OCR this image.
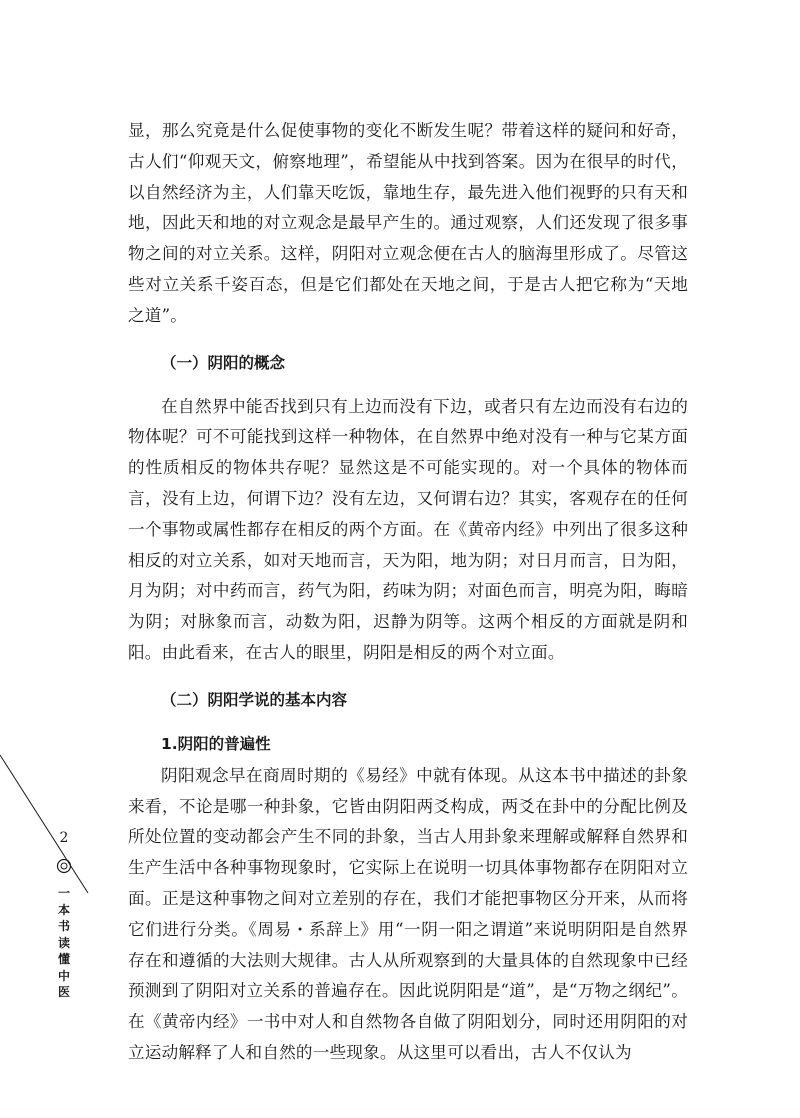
显，那么究竟是什么促使事物的变化不断发生呢？带着这样的疑问和好奇，古人们“仰观天文，俯察地理”，希望能从中找到答案。因为在很早的时代，以自然经济为主，人们靠天吃饭，靠地生存，最先进入他们视野的只有天和地，因此天和地的对立观念是最早产生的。通过观察，人们还发现了很多事物之间的对立关系。这样，阴阳对立观念便在古人的脑海里形成了。尽管这些对立关系千姿百态，但是它们都处在天地之间，于是古人把它称为“天地之道”。

（一）阴阳的概念

在自然界中能否找到只有上边而没有下边，或者只有左边而没有右边的物体呢？可不可能找到这样一种物体，在自然界中绝对没有一种与它某方面的性质相反的物体共存呢？显然这是不可能实现的。对一个具体的物体而言，没有上边，何谓下边？没有左边，又何谓右边？其实，客观存在的任何一个事物或属性都存在相反的两个方面。在《黄帝内经》中列出了很多这种相反的对立关系，如对天地而言，天为阳，地为阴；对日月而言，日为阳，月为阴；对中药而言，药气为阳，药味为阴；对面色而言，明亮为阳，晦暗为阴；对脉象而言，动数为阳，迟静为阴等。这两个相反的方面就是阴和阳。由此看来，在古人的眼里，阴阳是相反的两个对立面。

（二）阴阳学说的基本内容
1.阴阳的普遍性

阴阳观念早在商周时期的《易经》中就有体现。从这本书中描述的卦象来看，不论是哪一种卦象，它皆由阴阳两爻构成，两爻在卦中的分配比例及所处位置的变动都会产生不同的卦象，当古人用卦象来理解或解释自然界和生产生活中各种事物现象时，它实际上在说明一切具体事物都存在阴阳对立面。正是这种事物之间对立差别的存在，我们才能把事物区分开来，从而将它们进行分类。《周易・系辞上》用“一阴一阳之谓道”来说明阴阳是自然界存在和遵循的大法则大规律。古人从所观察到的大量具体的自然现象中已经预测到了阴阳对立关系的普遍存在。因此说阴阳是“道”，是“万物之纲纪”。在《黄帝内经》一书中对人和自然物各自做了阴阳划分，同时还用阴阳的对立运动解释了人和自然的一些现象。从这里可以看出，古人不仅认为

2
一
本
书
读
懂
中
医
